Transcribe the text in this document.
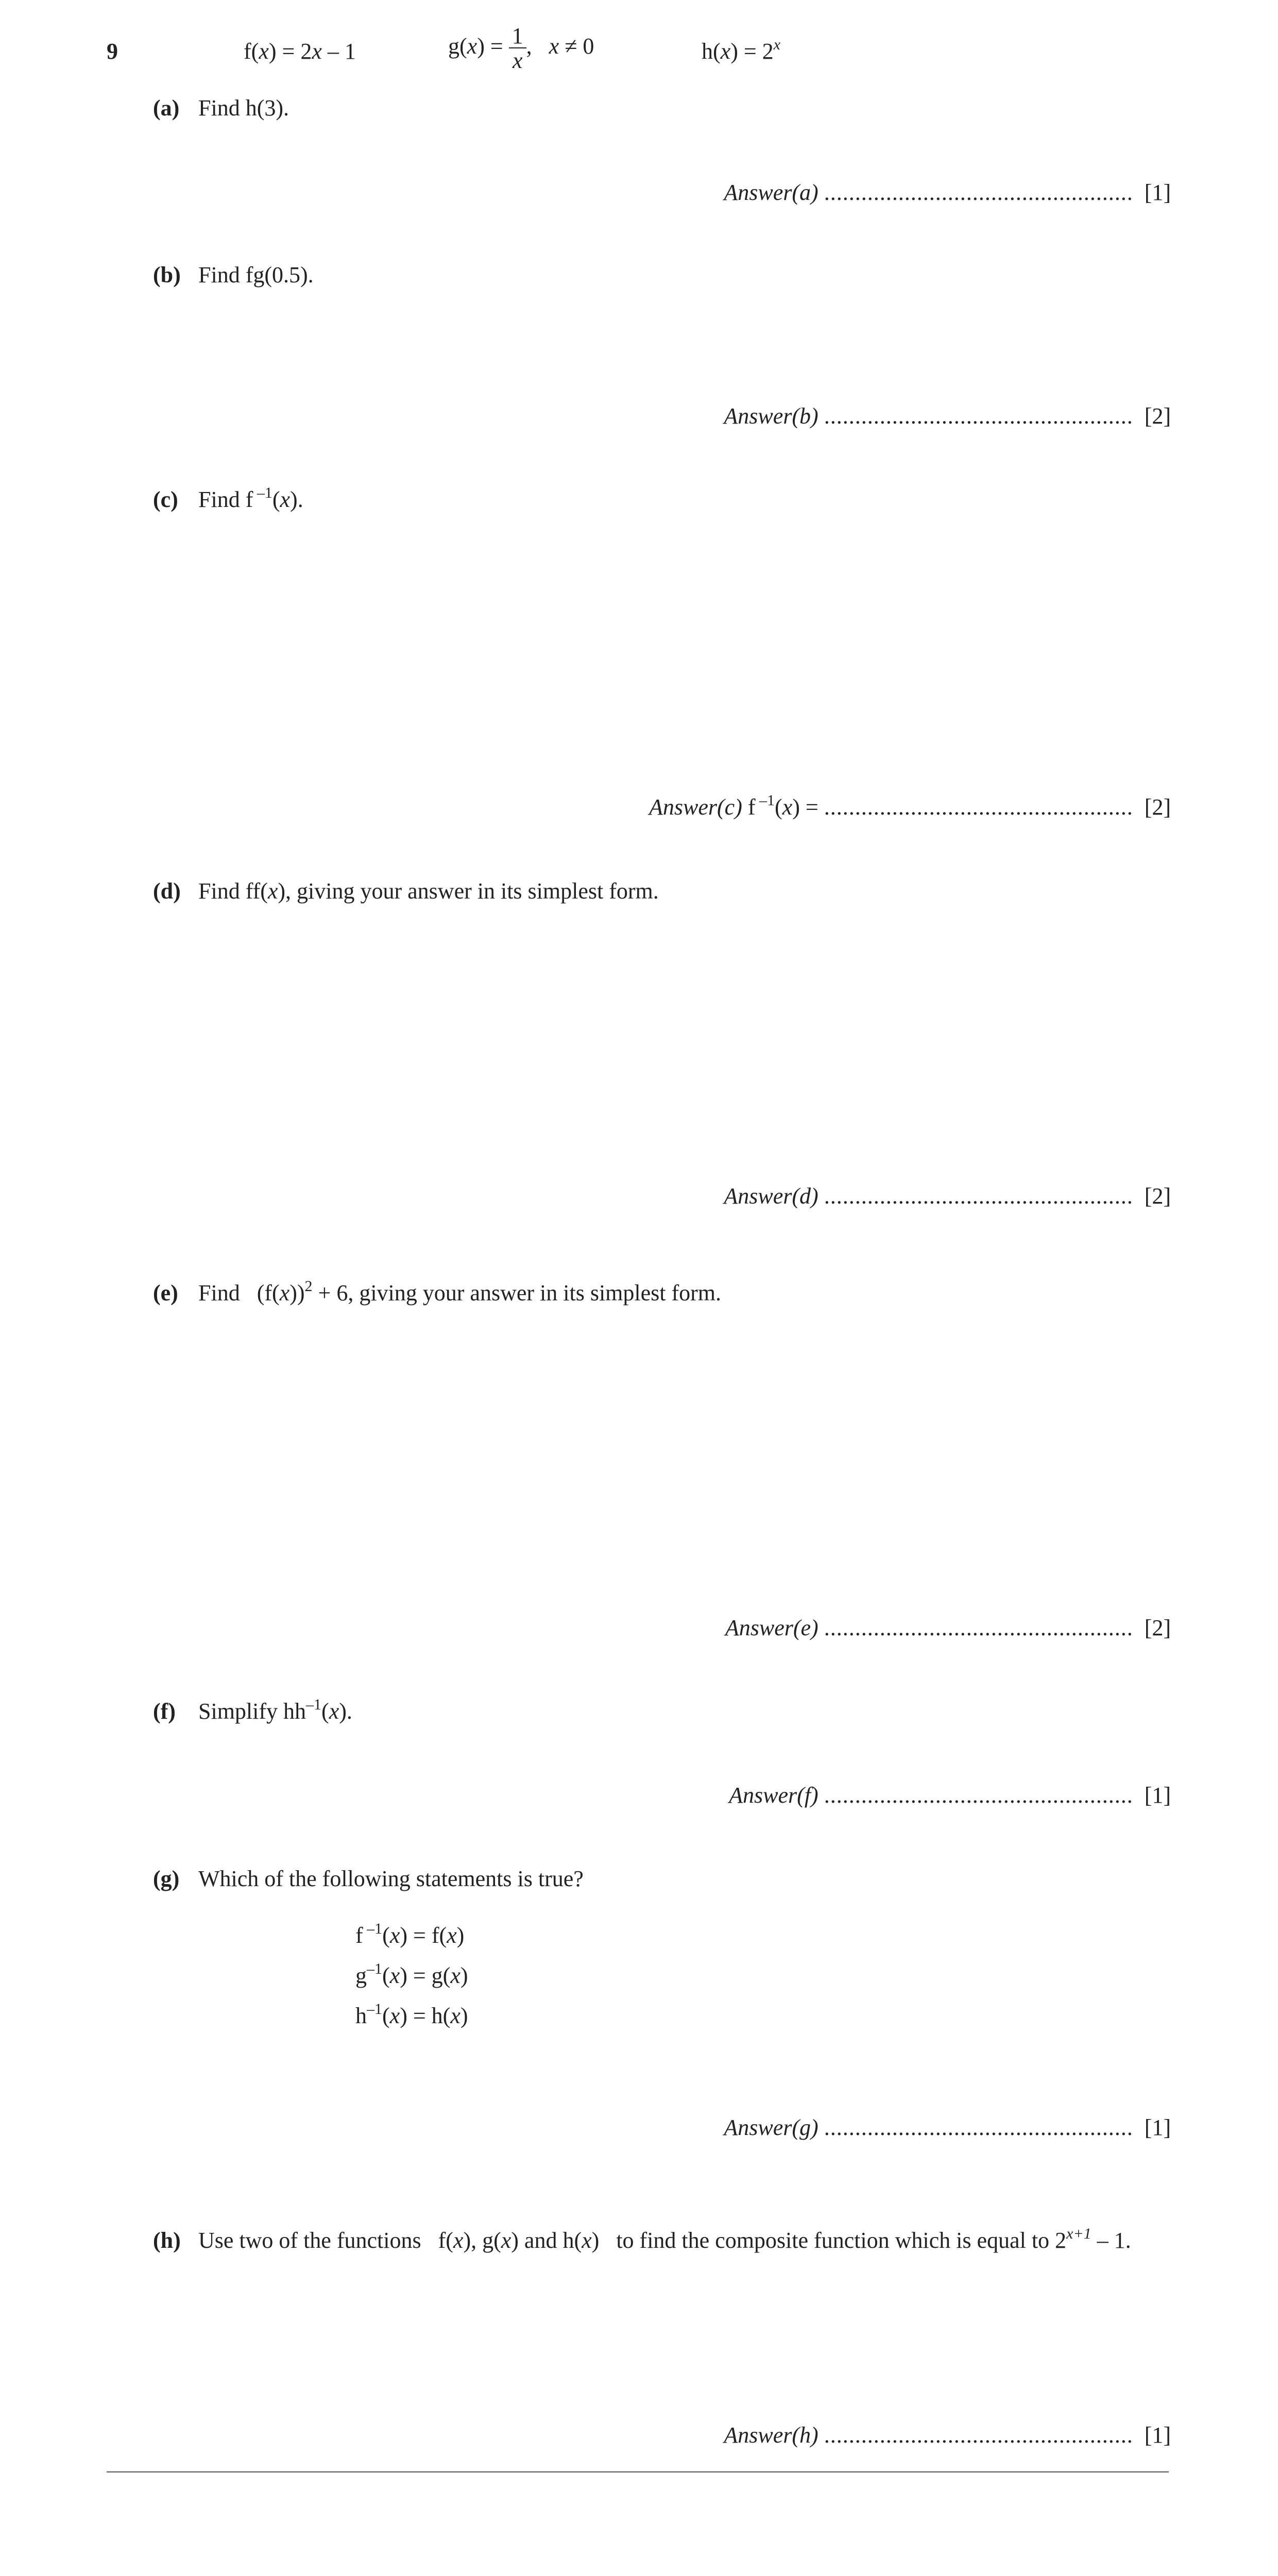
9	f(x) = 2x – 1	$g(x) = \frac{1}{x}$ ,   x ≠ 0	$h(x) = 2^x$
(a) Find h(3).
Answer(a) .................................................. [1]
(b) Find fg(0.5).
Answer(b) .................................................. [2]
(c) Find f $^{-1}$(x).
Answer(c) f $^{-1}$(x) = .................................................. [2]
(d) Find ff(x), giving your answer in its simplest form.
Answer(d) .................................................. [2]
(e) Find   $(f(x))^2 + 6$, giving your answer in its simplest form.
Answer(e) .................................................. [2]
(f) Simplify $hh^{-1}(x)$.
Answer(f) .................................................. [1]
(g) Which of the following statements is true?
f $^{-1}$(x) = f(x)
$g^{-1}(x) = g(x)$
$h^{-1}(x) = h(x)$
Answer(g) .................................................. [1]
(h) Use two of the functions   f(x), g(x) and h(x)   to find the composite function which is equal to $2^{x+1} - 1$.
Answer(h) .................................................. [1]
